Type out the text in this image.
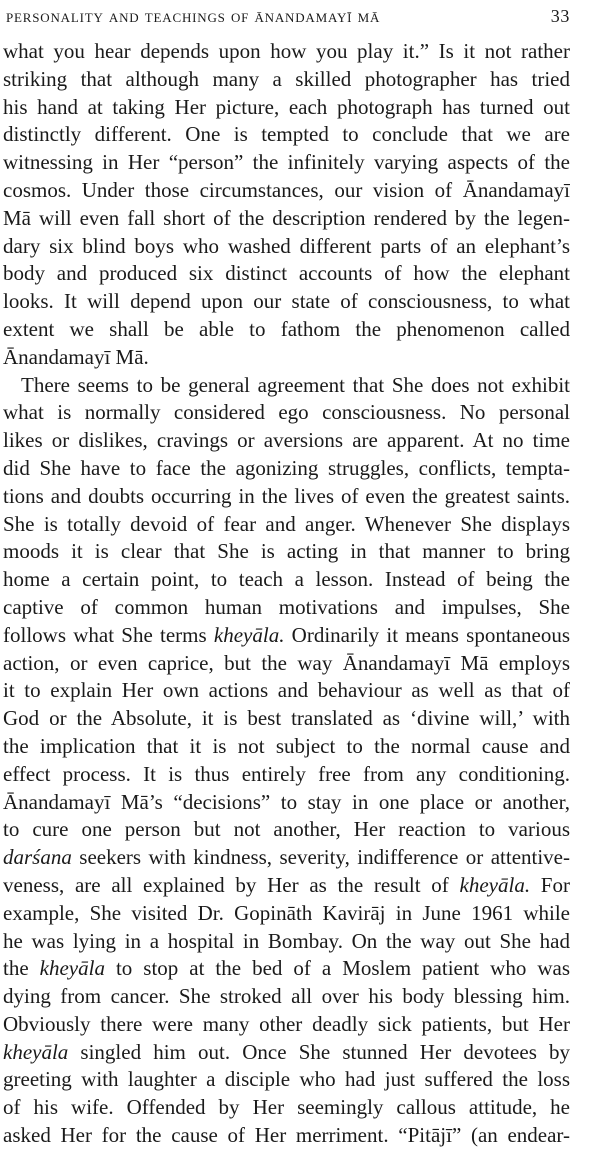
personality and teachings of ānandamayī mā	33
what you hear depends upon how you play it.” Is it not rather
striking that although many a skilled photographer has tried
his hand at taking Her picture, each photograph has turned out
distinctly different. One is tempted to conclude that we are
witnessing in Her “person” the infinitely varying aspects of the
cosmos. Under those circumstances, our vision of Ānandamayī
Mā will even fall short of the description rendered by the legen-
dary six blind boys who washed different parts of an elephant’s
body and produced six distinct accounts of how the elephant
looks. It will depend upon our state of consciousness, to what
extent we shall be able to fathom the phenomenon called
Ānandamayī Mā.
There seems to be general agreement that She does not exhibit
what is normally considered ego consciousness. No personal
likes or dislikes, cravings or aversions are apparent. At no time
did She have to face the agonizing struggles, conflicts, tempta-
tions and doubts occurring in the lives of even the greatest saints.
She is totally devoid of fear and anger. Whenever She displays
moods it is clear that She is acting in that manner to bring
home a certain point, to teach a lesson. Instead of being the
captive of common human motivations and impulses, She
follows what She terms kheyāla. Ordinarily it means spontaneous
action, or even caprice, but the way Ānandamayī Mā employs
it to explain Her own actions and behaviour as well as that of
God or the Absolute, it is best translated as ‘divine will,’ with
the implication that it is not subject to the normal cause and
effect process. It is thus entirely free from any conditioning.
Ānandamayī Mā’s “decisions” to stay in one place or another,
to cure one person but not another, Her reaction to various
darśana seekers with kindness, severity, indifference or attentive-
veness, are all explained by Her as the result of kheyāla. For
example, She visited Dr. Gopināth Kavirāj in June 1961 while
he was lying in a hospital in Bombay. On the way out She had
the kheyāla to stop at the bed of a Moslem patient who was
dying from cancer. She stroked all over his body blessing him.
Obviously there were many other deadly sick patients, but Her
kheyāla singled him out. Once She stunned Her devotees by
greeting with laughter a disciple who had just suffered the loss
of his wife. Offended by Her seemingly callous attitude, he
asked Her for the cause of Her merriment. “Pitājī” (an endear-
